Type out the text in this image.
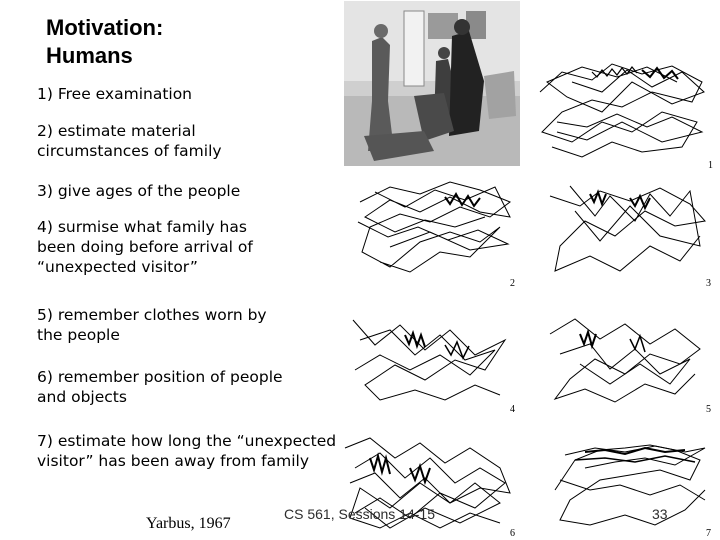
Motivation:
Humans
1) Free examination
2) estimate material circumstances of family
3) give ages of the people
4) surmise what family has been doing before arrival of “unexpected visitor”
5) remember clothes worn by the people
6) remember position of people and objects
7) estimate how long the “unexpected visitor” has been away from family
1
2	3
4	5
6	7
Yarbus, 1967
CS 561, Sessions 14-15	33
